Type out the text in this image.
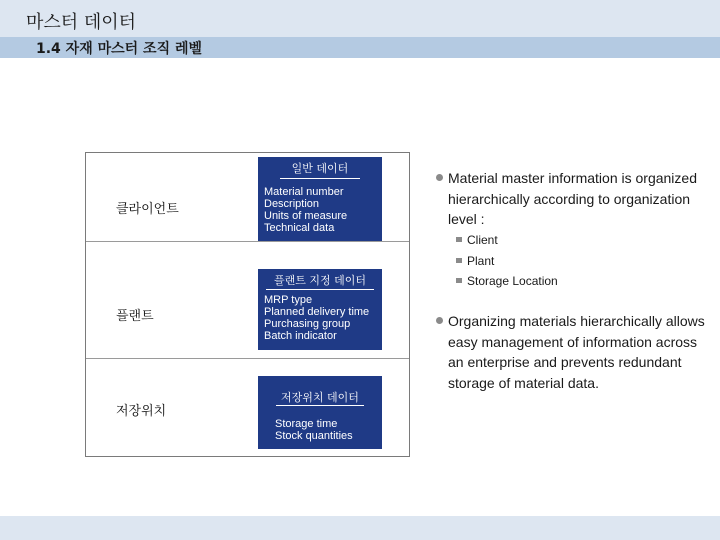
마스터 데이터
1.4 자재 마스터 조직 레벨
클라이언트
플랜트
저장위치
일반 데이터
Material number
Description
Units of measure
Technical data
플랜트 지정 데이터
MRP type
Planned delivery time
Purchasing group
Batch indicator
저장위치 데이터
Storage time
Stock quantities
Material master information is organized hierarchically according to organization level :
Client
Plant
Storage Location
Organizing materials hierarchically allows easy management of information across an enterprise and prevents redundant storage of material data.
